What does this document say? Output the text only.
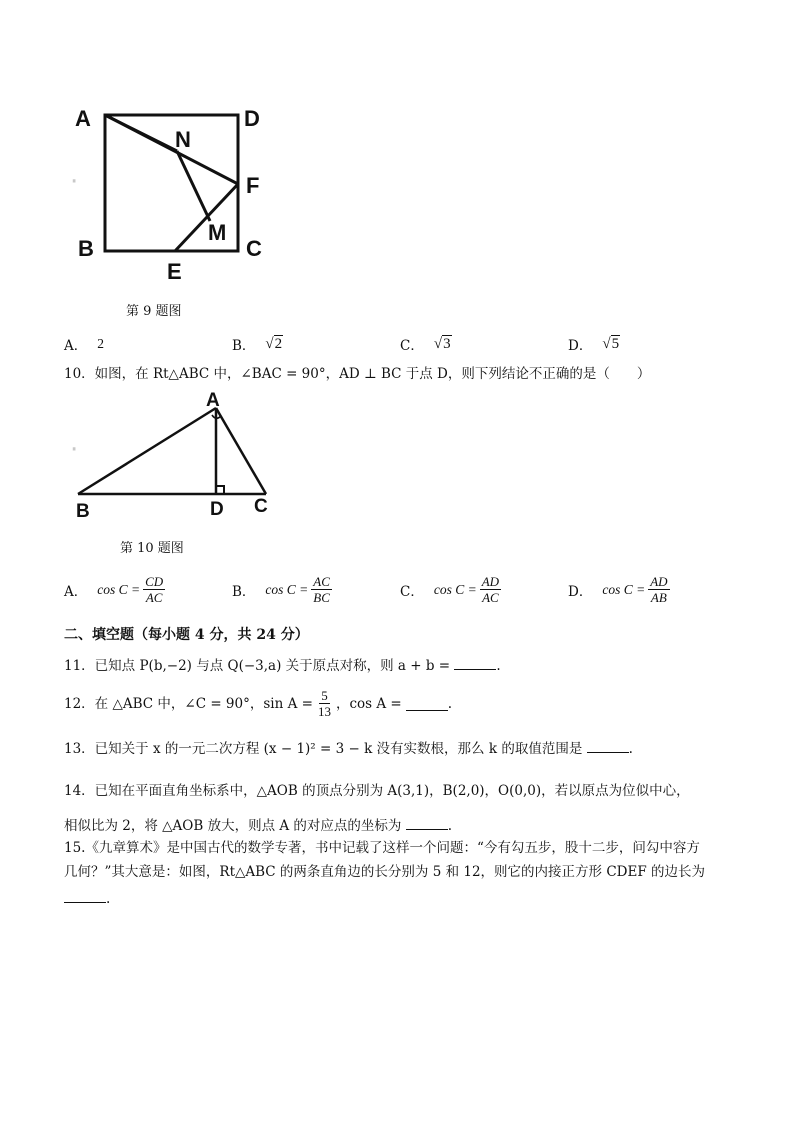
·
A	D
N
F
M
B	C
E
第 9 题图
A． 2	B． √2	C． √3	D． √5
10．如图，在 Rt△ABC 中，∠BAC = 90°，AD ⊥ BC 于点 D，则下列结论不正确的是（　　）
·
A
B	D C
第 10 题图
A． $\cos C = \frac{CD}{AC}$	B． $\cos C = \frac{AC}{BC}$	C． $\cos C = \frac{AD}{AC}$	D． $\cos C = \frac{AD}{AB}$
二、填空题（每小题 4 分，共 24 分）
11．已知点 P(b,−2) 与点 Q(−3,a) 关于原点对称，则 a + b =	.
12．在 △ABC 中，∠C = 90°，$\sin A = \frac{5}{13}$ ，cos A =	.
13．已知关于 x 的一元二次方程 (x − 1)² = 3 − k 没有实数根，那么 k 的取值范围是	.
14．已知在平面直角坐标系中，△AOB 的顶点分别为 A(3,1)，B(2,0)，O(0,0)，若以原点为位似中心，
相似比为 2，将 △AOB 放大，则点 A 的对应点的坐标为	.
15.《九章算术》是中国古代的数学专著，书中记载了这样一个问题：“今有勾五步，股十二步，问勾中容方
几何？”其大意是：如图，Rt△ABC 的两条直角边的长分别为 5 和 12，则它的内接正方形 CDEF 的边长为
.
